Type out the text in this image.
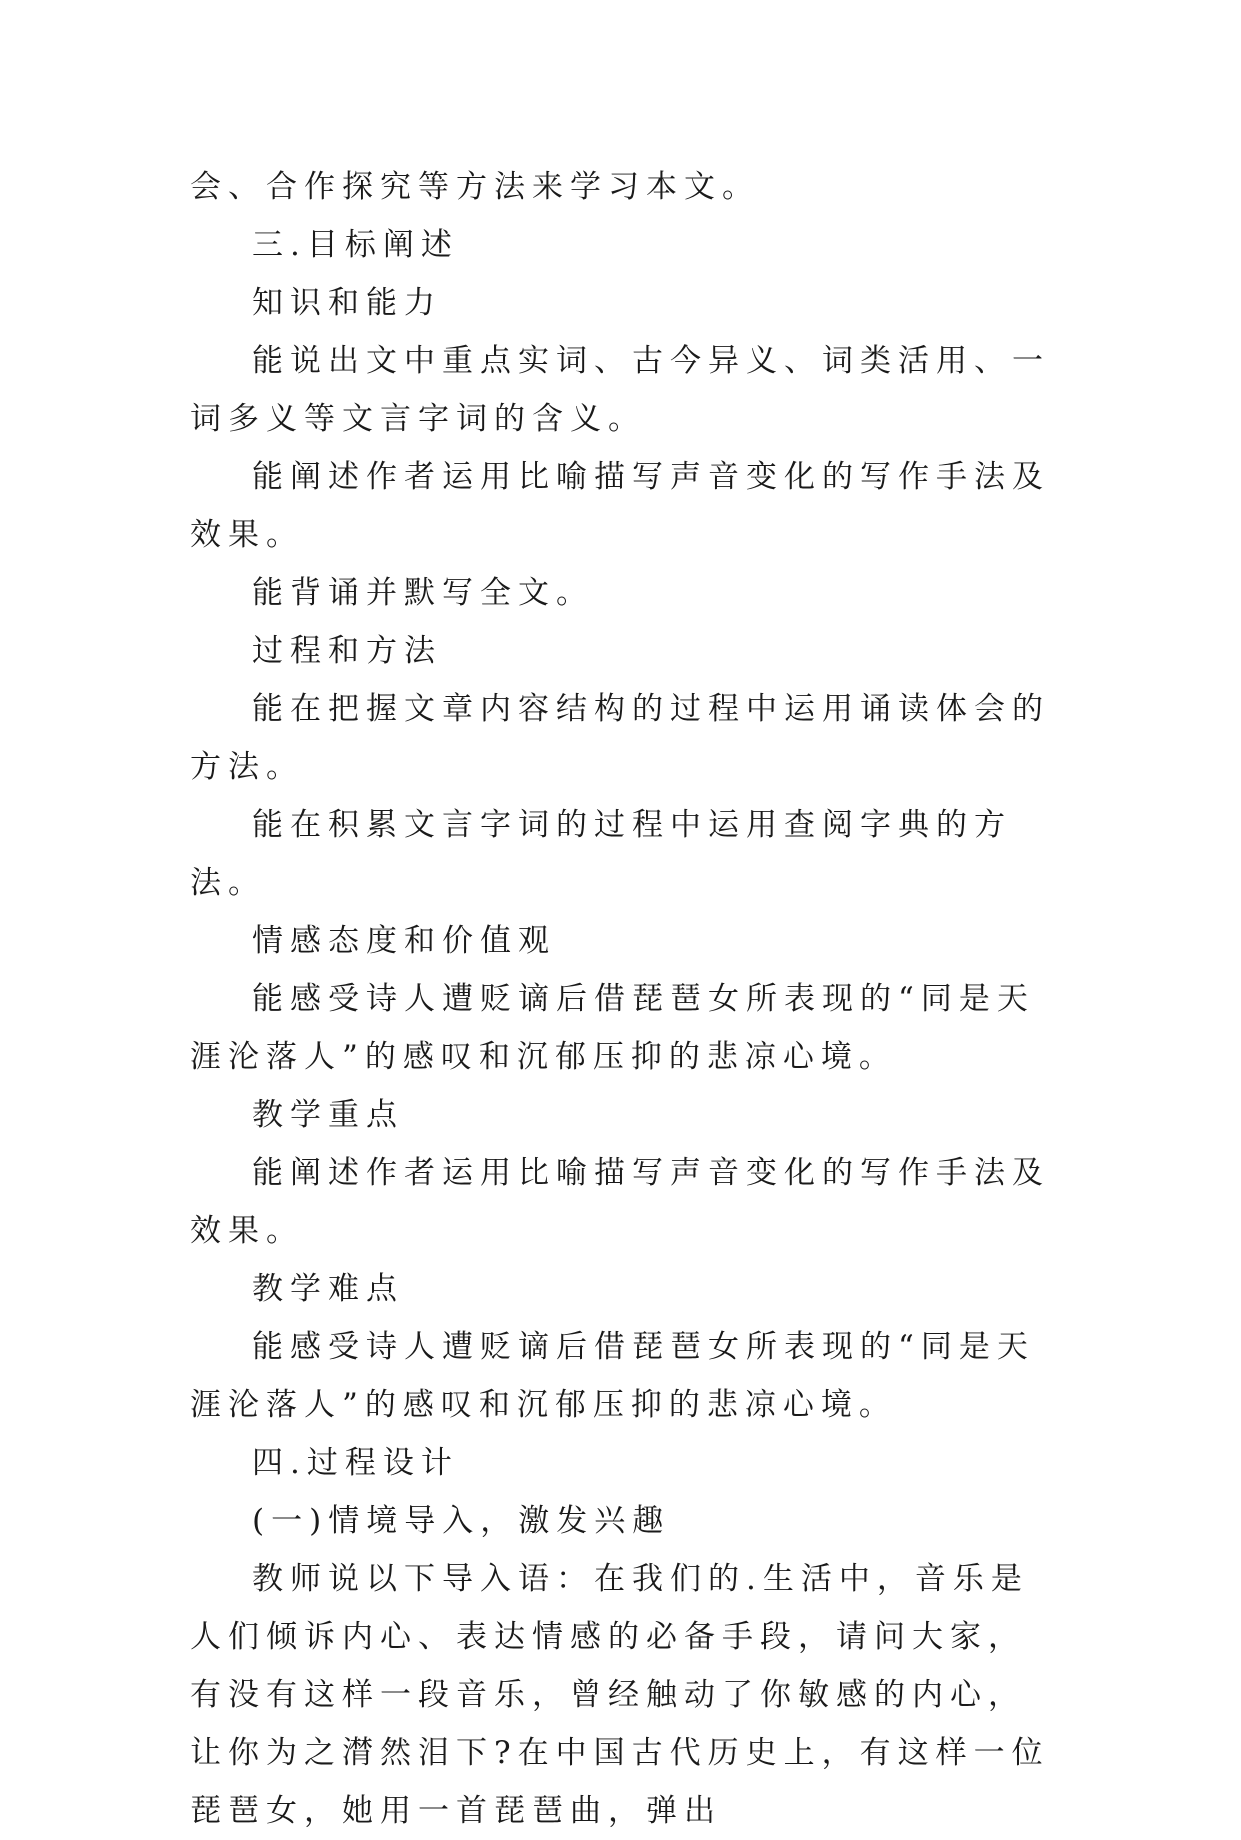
会、合作探究等方法来学习本文。

三.目标阐述

知识和能力

能说出文中重点实词、古今异义、词类活用、一词多义等文言字词的含义。

能阐述作者运用比喻描写声音变化的写作手法及效果。

能背诵并默写全文。

过程和方法

能在把握文章内容结构的过程中运用诵读体会的方法。

能在积累文言字词的过程中运用查阅字典的方法。

情感态度和价值观

能感受诗人遭贬谪后借琵琶女所表现的“同是天涯沦落人”的感叹和沉郁压抑的悲凉心境。

教学重点

能阐述作者运用比喻描写声音变化的写作手法及效果。

教学难点

能感受诗人遭贬谪后借琵琶女所表现的“同是天涯沦落人”的感叹和沉郁压抑的悲凉心境。

四.过程设计

(一)情境导入，激发兴趣

教师说以下导入语：在我们的.生活中，音乐是人们倾诉内心、表达情感的必备手段，请问大家，有没有这样一段音乐，曾经触动了你敏感的内心，让你为之潸然泪下?在中国古代历史上，有这样一位琵琶女，她用一首琵琶曲，弹出
